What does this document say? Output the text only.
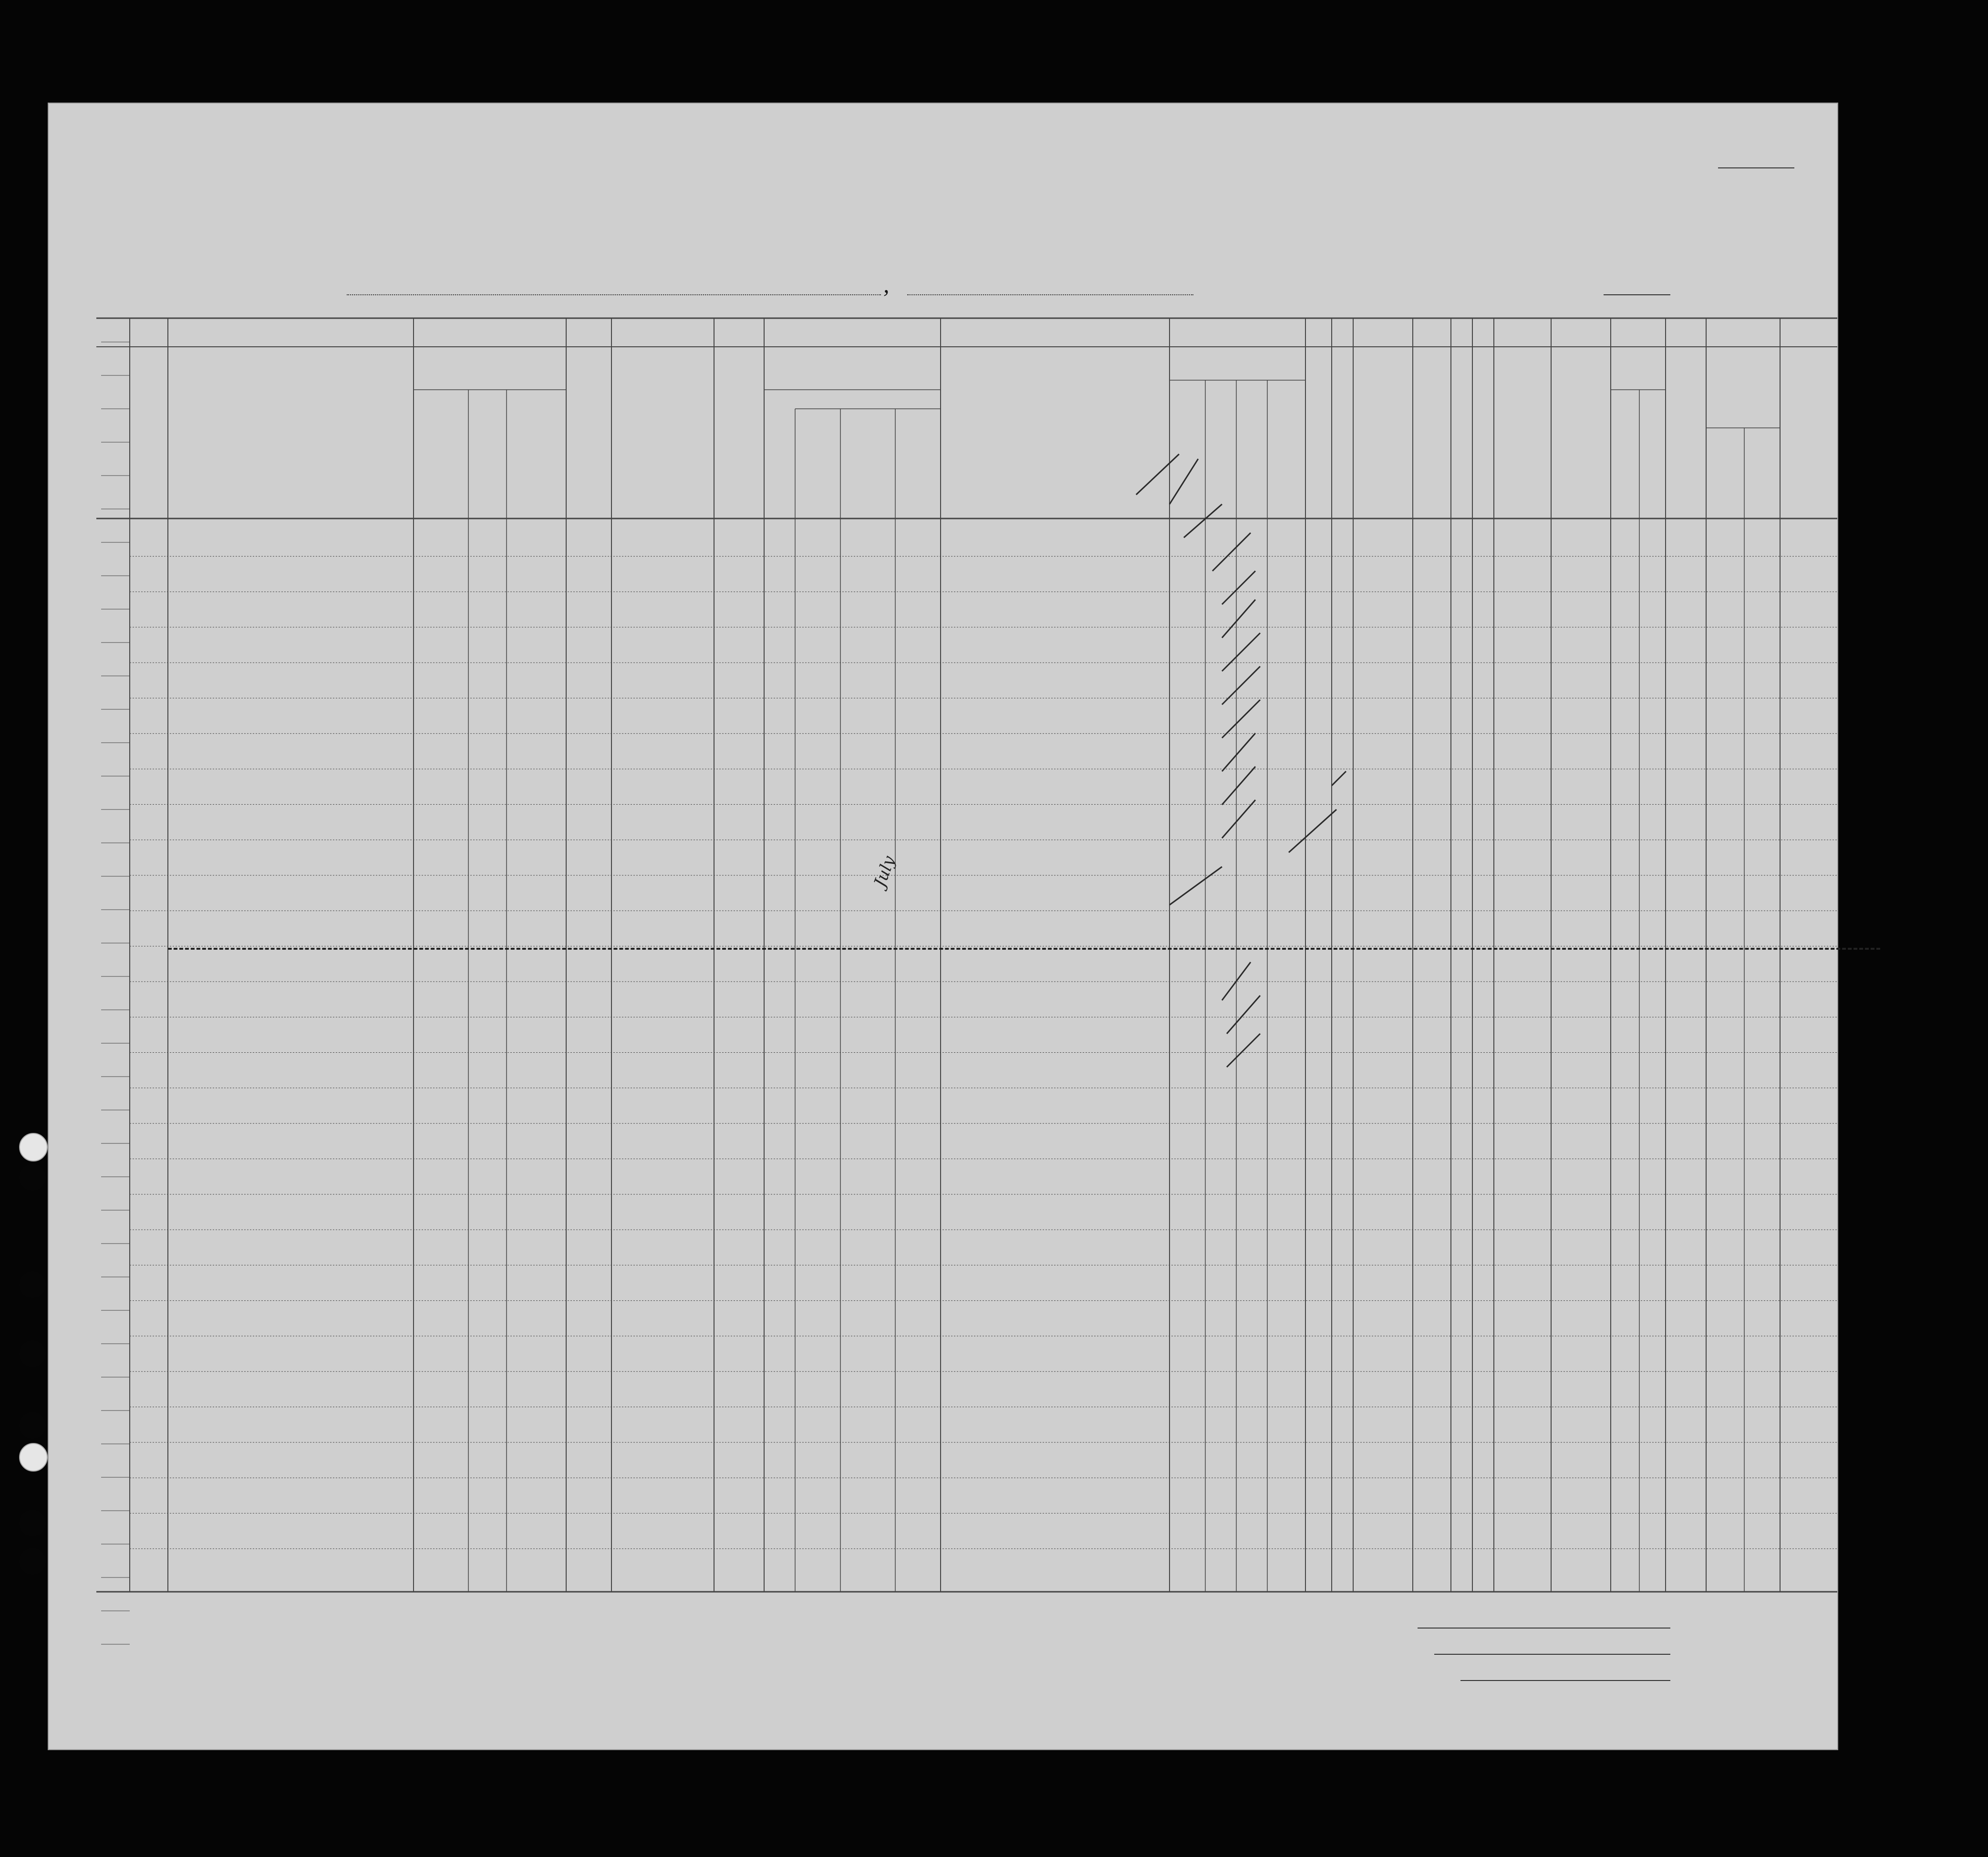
,
July
